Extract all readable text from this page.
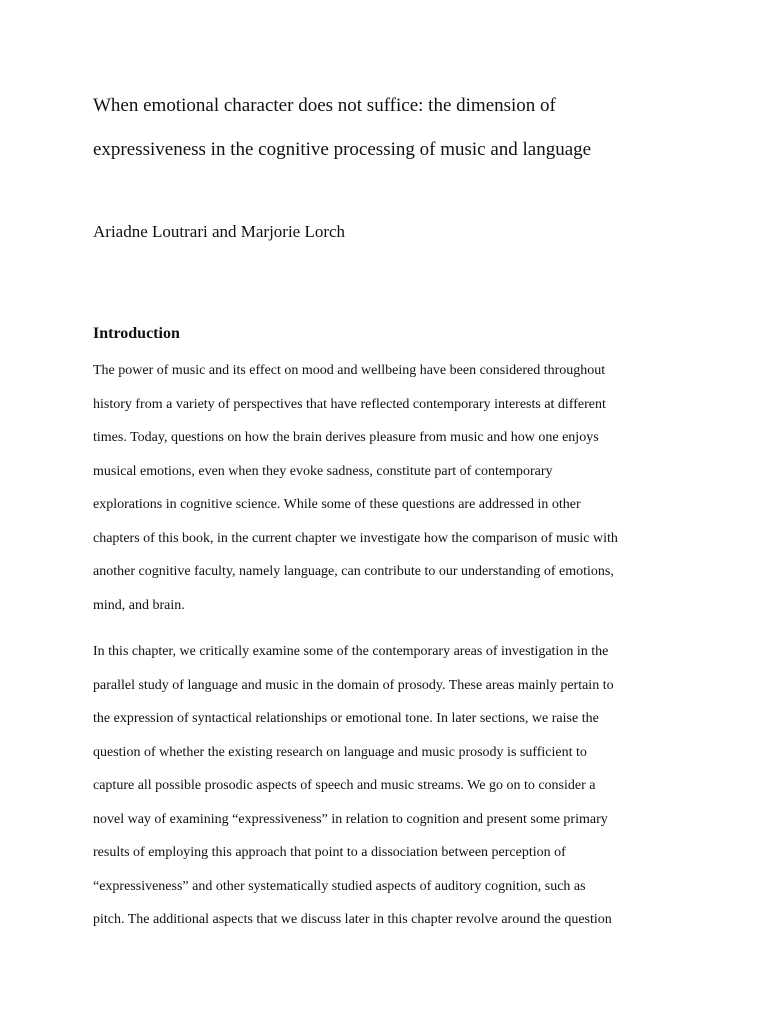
When emotional character does not suffice: the dimension of
expressiveness in the cognitive processing of music and language

Ariadne Loutrari and Marjorie Lorch

Introduction
The power of music and its effect on mood and wellbeing have been considered throughout
history from a variety of perspectives that have reflected contemporary interests at different
times. Today, questions on how the brain derives pleasure from music and how one enjoys
musical emotions, even when they evoke sadness, constitute part of contemporary
explorations in cognitive science. While some of these questions are addressed in other
chapters of this book, in the current chapter we investigate how the comparison of music with
another cognitive faculty, namely language, can contribute to our understanding of emotions,
mind, and brain.
In this chapter, we critically examine some of the contemporary areas of investigation in the
parallel study of language and music in the domain of prosody. These areas mainly pertain to
the expression of syntactical relationships or emotional tone. In later sections, we raise the
question of whether the existing research on language and music prosody is sufficient to
capture all possible prosodic aspects of speech and music streams. We go on to consider a
novel way of examining “expressiveness” in relation to cognition and present some primary
results of employing this approach that point to a dissociation between perception of
“expressiveness” and other systematically studied aspects of auditory cognition, such as
pitch. The additional aspects that we discuss later in this chapter revolve around the question
